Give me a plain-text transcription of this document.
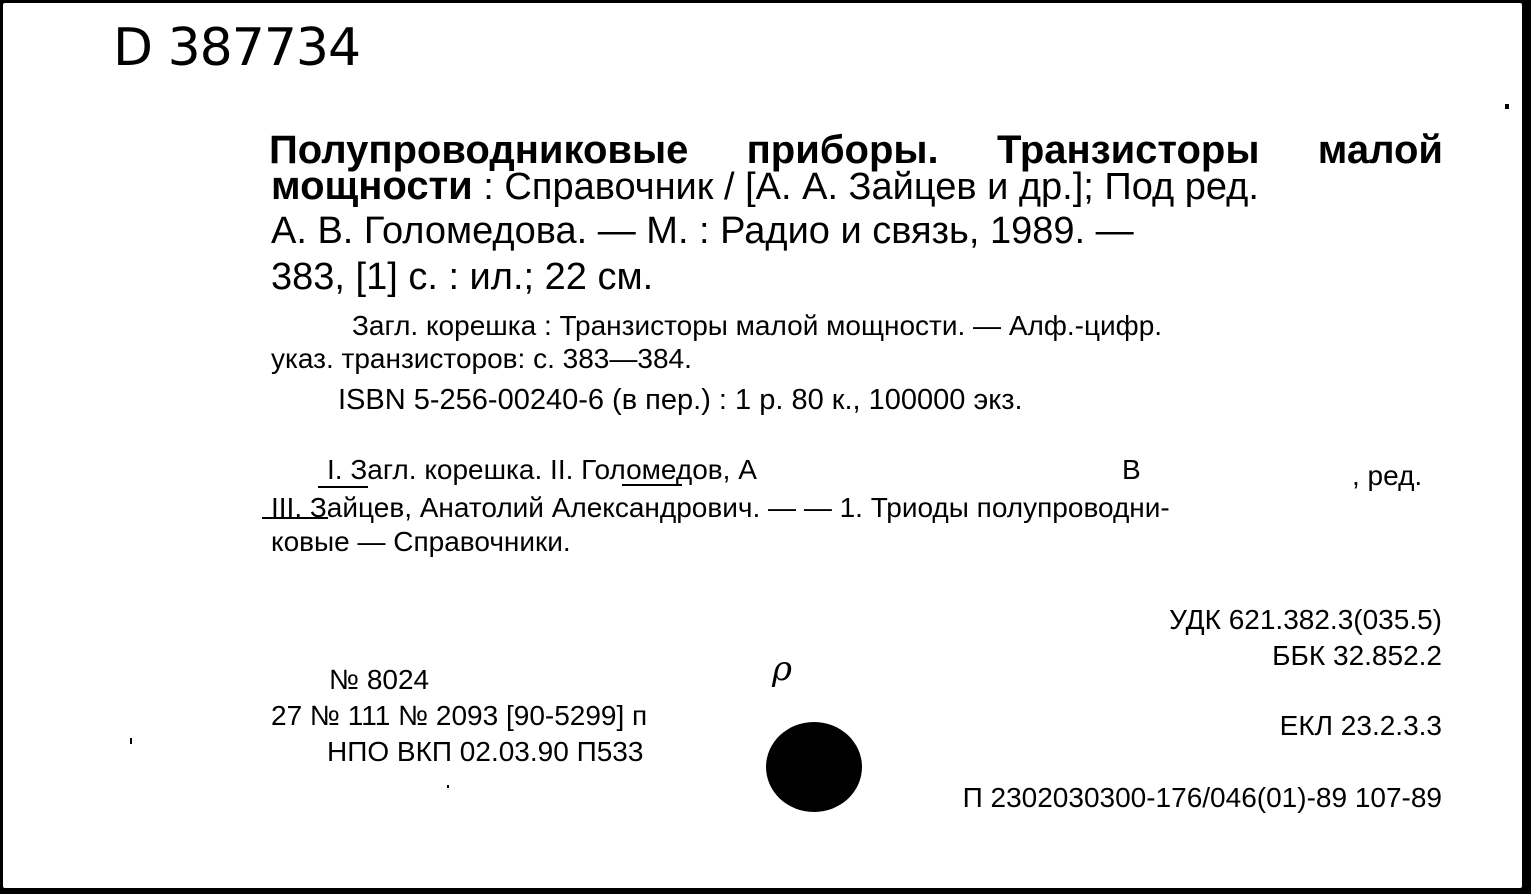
D 387734
Полупроводниковые приборы. Транзисторы малой
мощности : Справочник / [А. А. Зайцев и др.]; Под ред.
А. В. Голомедова. — М. : Радио и связь, 1989. —
383, [1] с. : ил.; 22 см.
Загл. корешка : Транзисторы малой мощности. — Алф.-цифр.
указ. транзисторов: с. 383—384.
ISBN 5-256-00240-6 (в пер.) : 1 р. 80 к., 100000 экз.
I. Загл. корешка. II. Голомедов, А	В	, ред.
III. Зайцев, Анатолий Александрович. — — 1. Триоды полупроводни-
ковые — Справочники.
УДК 621.382.3(035.5)
ББК 32.852.2
ЕКЛ 23.2.3.3
П 2302030300-176/046(01)-89 107-89
№ 8024
27 № 111 № 2093 [90-5299] п
НПО ВКП 02.03.90 П533
ρ
